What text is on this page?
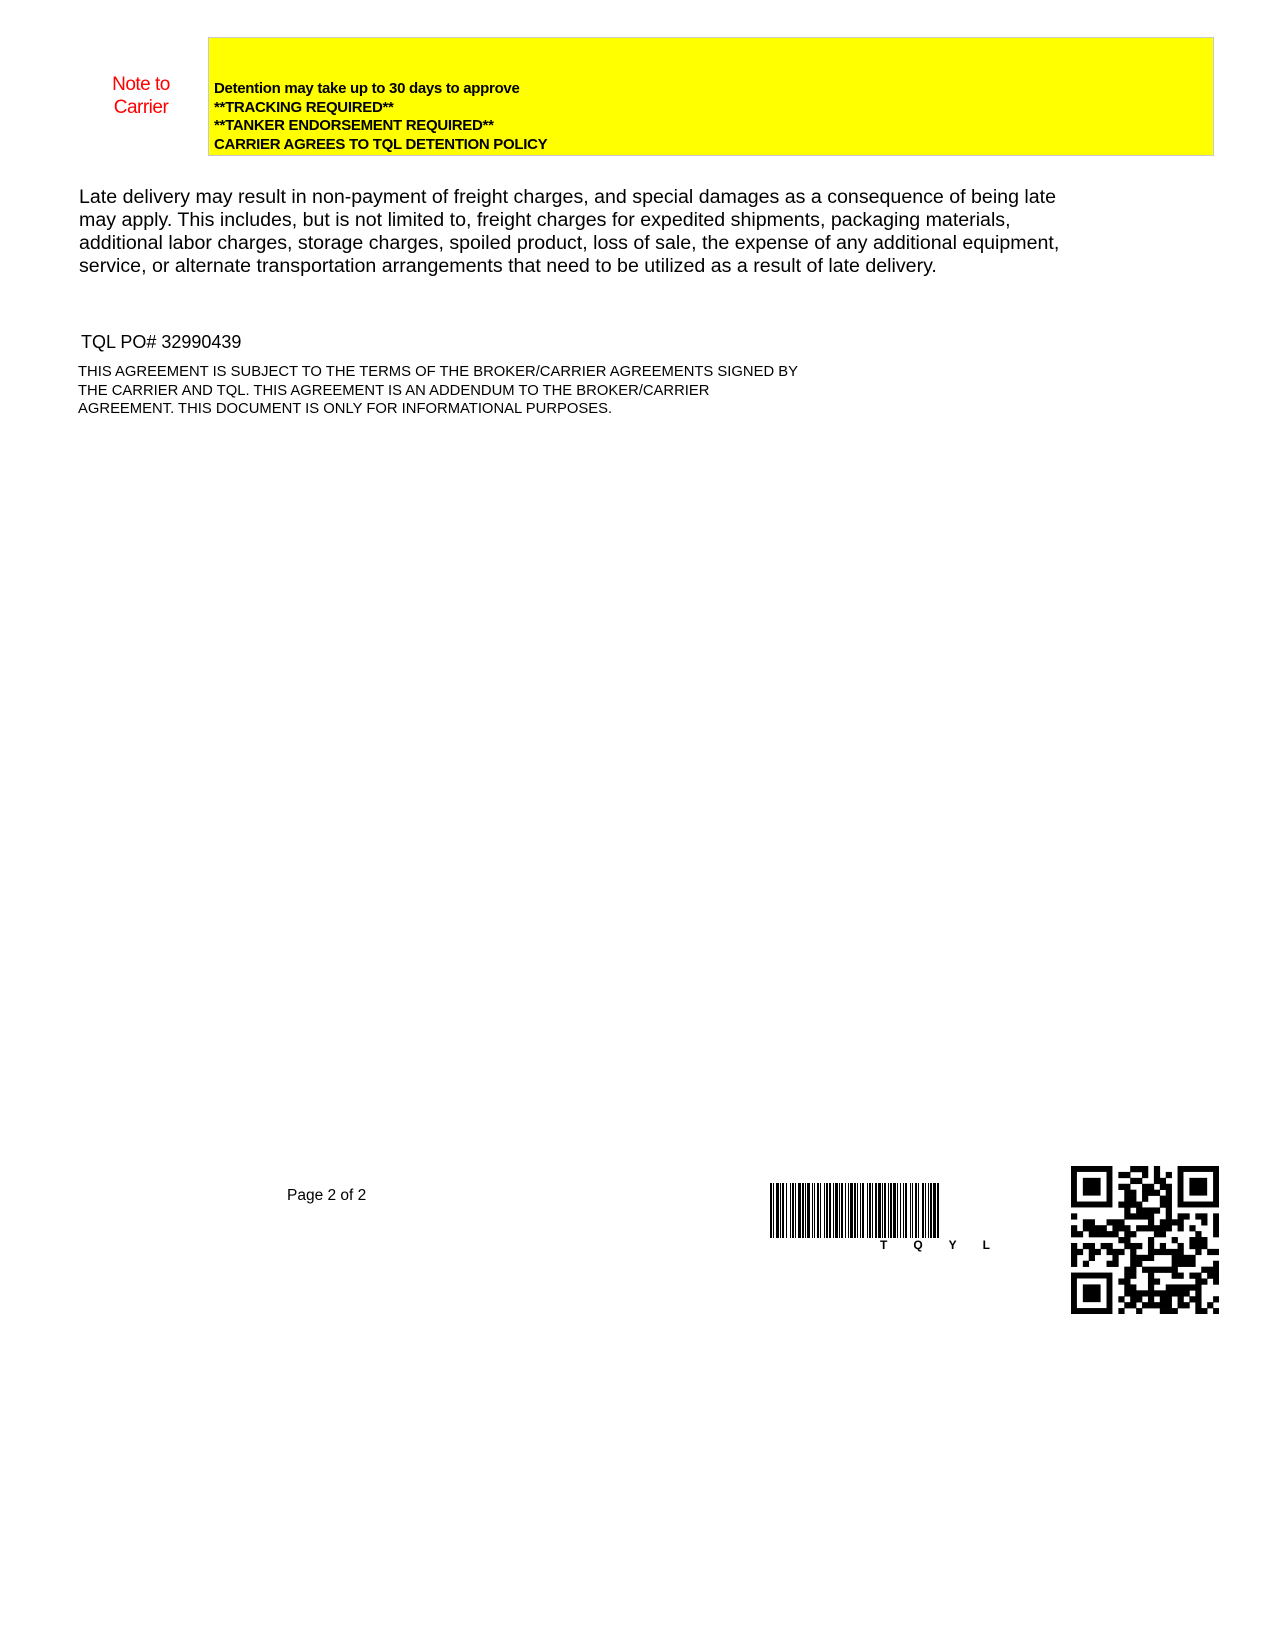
Note to Carrier
Detention may take up to 30 days to approve
**TRACKING REQUIRED**
**TANKER ENDORSEMENT REQUIRED**
CARRIER AGREES TO TQL DETENTION POLICY
Late delivery may result in non-payment of freight charges, and special damages as a consequence of being late may apply. This includes, but is not limited to, freight charges for expedited shipments, packaging materials, additional labor charges, storage charges, spoiled product, loss of sale, the expense of any additional equipment, service, or alternate transportation arrangements that need to be utilized as a result of late delivery.
TQL PO# 32990439
THIS AGREEMENT IS SUBJECT TO THE TERMS OF THE BROKER/CARRIER AGREEMENTS SIGNED BY THE CARRIER AND TQL. THIS AGREEMENT IS AN ADDENDUM TO THE BROKER/CARRIER AGREEMENT. THIS DOCUMENT IS ONLY FOR INFORMATIONAL PURPOSES.
Page 2 of 2
TQYL
